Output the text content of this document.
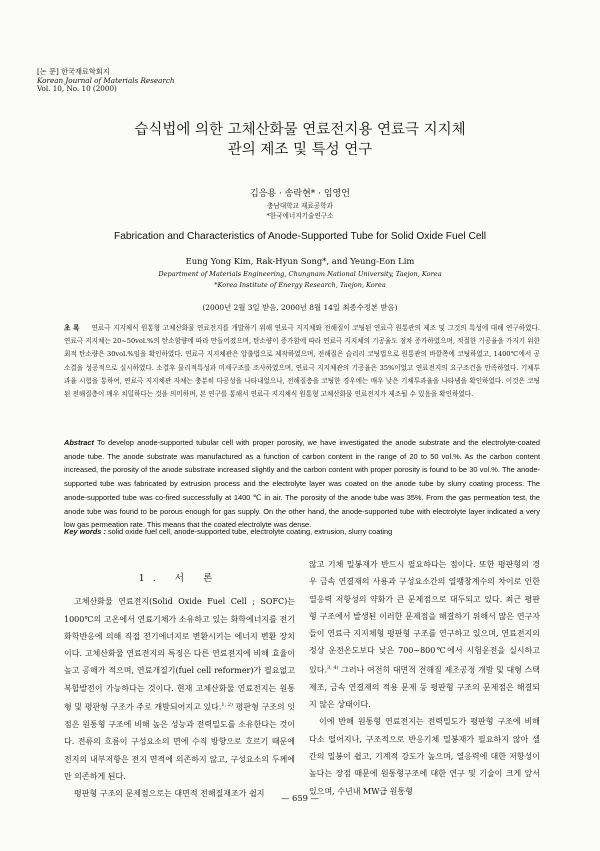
[논 문] 한국재료학회지
Korean Journal of Materials Research
Vol. 10, No. 10 (2000)
습식법에 의한 고체산화물 연료전지용 연료극 지지체관의 제조 및 특성 연구
김응용 · 송락현* · 임영언
충남대학교 재료공학과
*한국에너지기술연구소
Fabrication and Characteristics of Anode-Supported Tube for Solid Oxide Fuel Cell
Eung Yong Kim, Rak-Hyun Song*, and Yeung-Eon Lim
Department of Materials Engineering, Chungnam National University, Taejon, Korea
*Korea Institute of Energy Research, Taejon, Korea
(2000년 2월 3일 받음, 2000년 8월 14일 최종수정본 받음)
초 록 연료극 지지체식 원통형 고체산화물 연료전지를 개발하기 위해 연료극 지지체와 전해질이 코팅된 연료극 원통관의 제조 및 그것의 특성에 대해 연구하였다. 연료극 지지체는 20~50vol.%의 탄소함량에 따라 만들어졌으며, 탄소량이 증가함에 따라 연료극 지지체의 기공율도 점차 증가하였으며, 적절한 기공율을 가지기 위한 최적 탄소량은 30vol.%임을 확인하였다. 연료극 지지체관은 압출법으로 제작하였으며, 전해질은 슬러리 코팅법으로 원통관의 바깥쪽에 코팅하였고, 1400℃에서 공소결을 성공적으로 실시하였다. 소결후 물리적특성과 미세구조를 조사하였으며, 연료극 지지체관의 기공율은 35%이었고 연료전지의 요구조건을 만족하였다. 기체투과율 시험을 통하여, 연료극 지지체관 자체는 충분히 다공성을 나타내었으나, 전해질층을 코팅한 경우에는 매우 낮은 기체투과율을 나타냄을 확인하였다. 이것은 코팅된 전해질층이 매우 치밀하다는 것을 의미하며, 본 연구를 통해서 연료극 지지체식 원통형 고체산화물 연료전지가 제조될 수 있음을 확인하였다.
Abstract To develop anode-supported tubular cell with proper porosity, we have investigated the anode substrate and the electrolyte-coated anode tube. The anode substrate was manufactured as a function of carbon content in the range of 20 to 50 vol.%. As the carbon content increased, the porosity of the anode substrate increased slightly and the carbon content with proper porosity is found to be 30 vol.%. The anode-supported tube was fabricated by extrusion process and the electrolyte layer was coated on the anode tube by slurry coating process. The anode-supported tube was co-fired successfully at 1400 ℃ in air. The porosity of the anode tube was 35%. From the gas permeation test, the anode tube was found to be porous enough for gas supply. On the other hand, the anode-supported tube with electrolyte layer indicated a very low gas permeation rate. This means that the coated electrolyte was dense.
Key words : solid oxide fuel cell, anode-supported tube, electrolyte coating, extrusion, slurry coating
1. 서 론

고체산화물 연료전지(Solid Oxide Fuel Cell ; SOFC)는 1000℃의 고온에서 연료기체가 소유하고 있는 화학에너지를 전기화학반응에 의해 직접 전기에너지로 변환시키는 에너지 변환 장치이다. 고체산화물 연료전지의 특징은 다른 연료전지에 비해 효율이 높고 공해가 적으며, 연료개질기(fuel cell reformer)가 필요없고 복합발전이 가능하다는 것이다. 현재 고체산화물 연료전지는 원통형 및 평판형 구조가 주로 개발되어지고 있다.$^{1, 2)}$ 평판형 구조의 잇점은 원통형 구조에 비해 높은 성능과 전력밀도를 소유한다는 것이다. 전류의 흐름이 구성요소의 면에 수직 방향으로 흐르기 때문에 전지의 내부저항은 전지 면적에 의존하지 않고, 구성요소의 두께에만 의존하게 된다.

평판형 구조의 문제점으로는 대면적 전해질재조가 쉽지

않고 기체 밀봉재가 반드시 필요하다는 점이다. 또한 평판형의 경우 금속 연결재의 사용과 구성요소간의 열팽창계수의 차이로 인한 열응력 저항성의 약화가 큰 문제점으로 대두되고 있다. 최근 평판형 구조에서 발생된 이러한 문제점을 해결하기 위해서 많은 연구자들이 연료극 지지체형 평판형 구조를 연구하고 있으며, 연료전지의 정상 운전온도보다 낮은 700~800℃에서 시험운전을 실시하고 있다.$^{3, 4)}$ 그러나 여전히 대면적 전해질 제조공정 개발 및 대형 스택제조, 금속 연결재의 적용 문제 등 평판형 구조의 문제점은 해결되지 않은 상태이다.

이에 반해 원통형 연료전지는 전력밀도가 평판형 구조에 비해 다소 떨어지나, 구조적으로 반응기체 밀봉재가 필요하지 않아 셀 간의 밀봉이 쉽고, 기계적 강도가 높으며, 열응력에 대한 저항성이 높다는 장점 때문에 원통형구조에 대한 연구 및 기술이 크게 앞서 있으며, 수년내 MW급 원통형

— 659 —
